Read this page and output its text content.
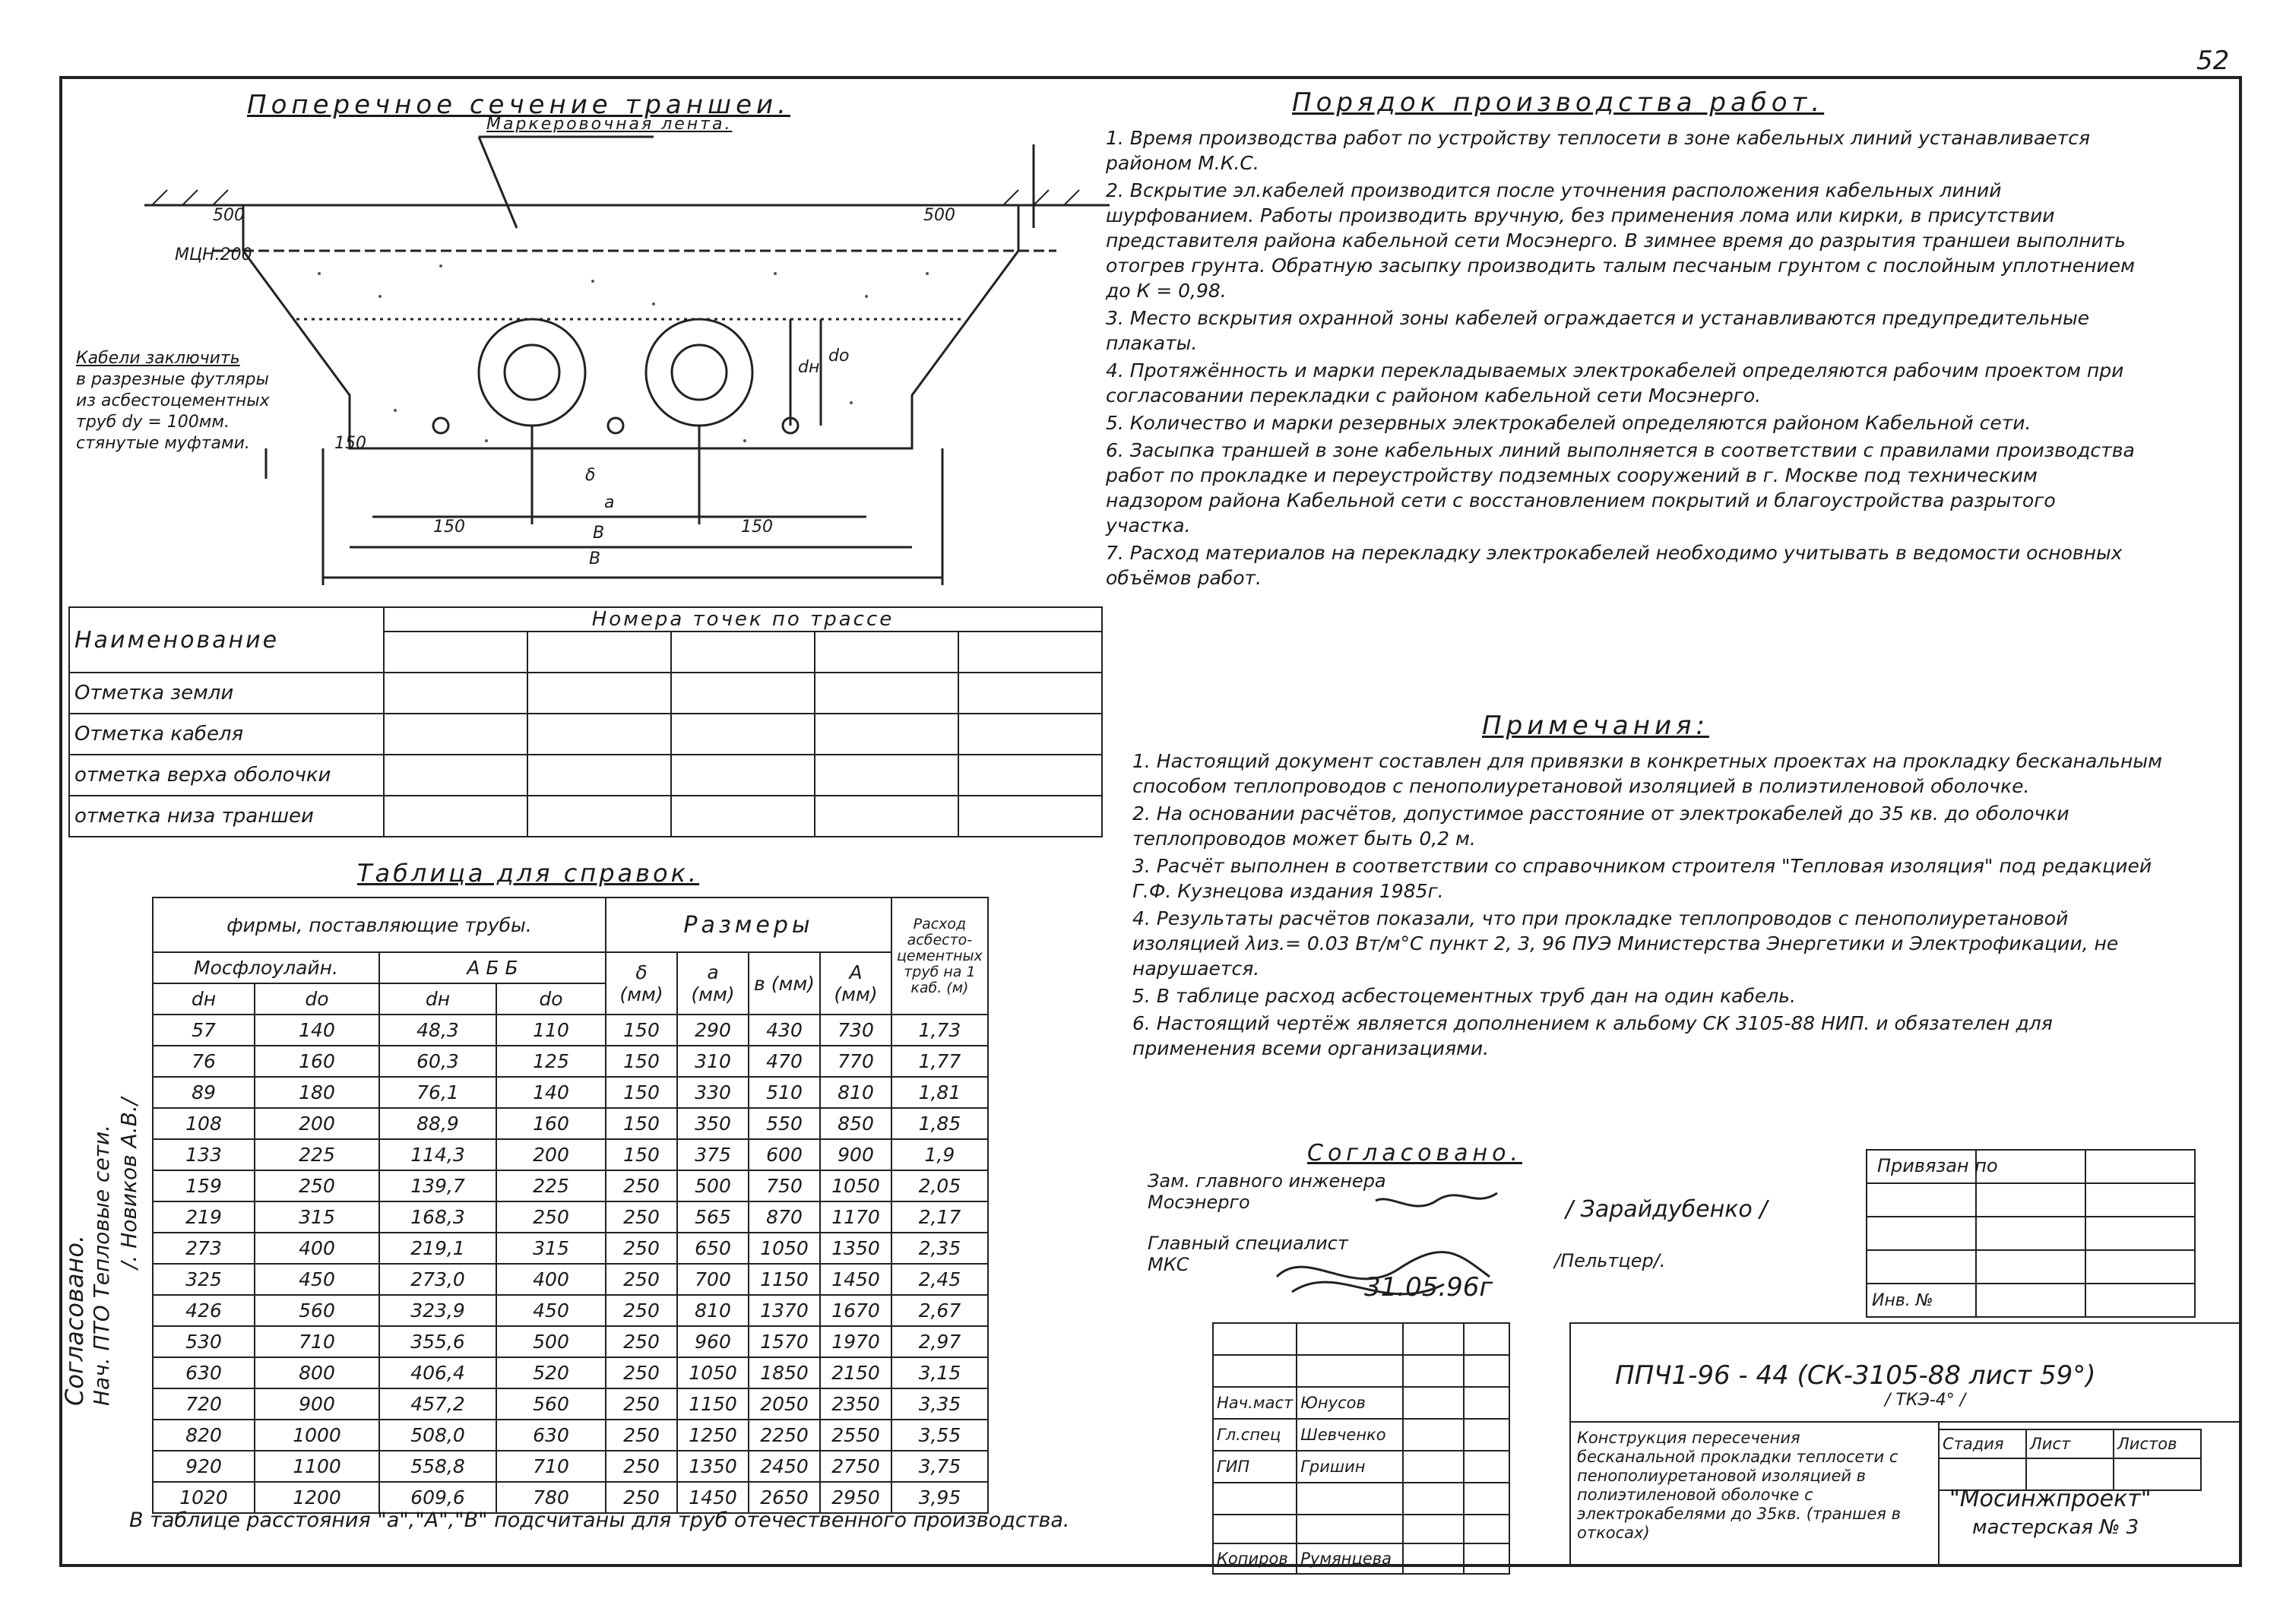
52
Поперечное сечение траншеи.
Маркеровочная лента.
500	500
МЦН.200
Кабели заключить
в разрезные футляры
из асбестоцементных
труб dу = 100мм.
стянутые муфтами.
dн
dо
150
δ
а
150	В	150
В
Наименование	Номера точек по трассе				

Отметка земли					
Отметка кабеля					
отметка верха оболочки					
отметка низа траншеи					
Таблица для справок.
фирмы, поставляющие трубы.				Размеры				Расход асбесто-цементных труб на 1 каб. (м)
Мосфлоулайн.		А Б Б		δ (мм)	а (мм)	в (мм)	А (мм)	
dн	dо	dн	dо					
57	140	48,3	110	150	290	430	730	1,73
76	160	60,3	125	150	310	470	770	1,77
89	180	76,1	140	150	330	510	810	1,81
108	200	88,9	160	150	350	550	850	1,85
133	225	114,3	200	150	375	600	900	1,9
159	250	139,7	225	250	500	750	1050	2,05
219	315	168,3	250	250	565	870	1170	2,17
273	400	219,1	315	250	650	1050	1350	2,35
325	450	273,0	400	250	700	1150	1450	2,45
426	560	323,9	450	250	810	1370	1670	2,67
530	710	355,6	500	250	960	1570	1970	2,97
630	800	406,4	520	250	1050	1850	2150	3,15
720	900	457,2	560	250	1150	2050	2350	3,35
820	1000	508,0	630	250	1250	2250	2550	3,55
920	1100	558,8	710	250	1350	2450	2750	3,75
1020	1200	609,6	780	250	1450	2650	2950	3,95
В таблице расстояния "а","А","В" подсчитаны для труб отечественного производства.
Согласовано. Нач. ПТО Тепловые сети. /. Новиков А.В./
Порядок производства работ.
1. Время производства работ по устройству теплосети в зоне кабельных линий устанавливается районом М.К.С.
2. Вскрытие эл.кабелей производится после уточнения расположения кабельных линий шурфованием. Работы производить вручную, без применения лома или кирки, в присутствии представителя района кабельной сети Мосэнерго. В зимнее время до разрытия траншеи выполнить отогрев грунта. Обратную засыпку производить талым песчаным грунтом с послойным уплотнением до К = 0,98.
3. Место вскрытия охранной зоны кабелей ограждается и устанавливаются предупредительные плакаты.
4. Протяжённость и марки перекладываемых электрокабелей определяются рабочим проектом при согласовании перекладки с районом кабельной сети Мосэнерго.
5. Количество и марки резервных электрокабелей определяются районом Кабельной сети.
6. Засыпка траншей в зоне кабельных линий выполняется в соответствии с правилами производства работ по прокладке и переустройству подземных сооружений в г. Москве под техническим надзором района Кабельной сети с восстановлением покрытий и благоустройства разрытого участка.
7. Расход материалов на перекладку электрокабелей необходимо учитывать в ведомости основных объёмов работ.
Примечания:
1. Настоящий документ составлен для привязки в конкретных проектах на прокладку бесканальным способом теплопроводов с пенополиуретановой изоляцией в полиэтиленовой оболочке.
2. На основании расчётов, допустимое расстояние от электрокабелей до 35 кв. до оболочки теплопроводов может быть 0,2 м.
3. Расчёт выполнен в соответствии со справочником строителя "Тепловая изоляция" под редакцией Г.Ф. Кузнецова издания 1985г.
4. Результаты расчётов показали, что при прокладке теплопроводов с пенополиуретановой изоляцией λиз.= 0.03 Вт/м°С пункт 2, 3, 96 ПУЭ Министерства Энергетики и Электрофикации, не нарушается.
5. В таблице расход асбестоцементных труб дан на один кабель.
6. Настоящий чертёж является дополнением к альбому СК 3105-88 НИП. и обязателен для применения всеми организациями.
Согласовано.
Зам. главного инженера
Мосэнерго
Главный специалист
МКС
/ Зарайдубенко /
/Пельтцер/.
31.05.96г
Привязан по

Инв. №		

Нач.маст	Юнусов		
Гл.спец	Шевченко		
ГИП	Гришин		

Копиров	Румянцева		
Стадия	Лист	Листов

ППЧ1-96 - 44 (СК-3105-88 лист 59°)
/ ТКЭ-4° /
Конструкция пересечения бесканальной прокладки теплосети с пенополиуретановой изоляцией в полиэтиленовой оболочке с электрокабелями до 35кв. (траншея в откосах)
"Мосинжпроект"
мастерская № 3
